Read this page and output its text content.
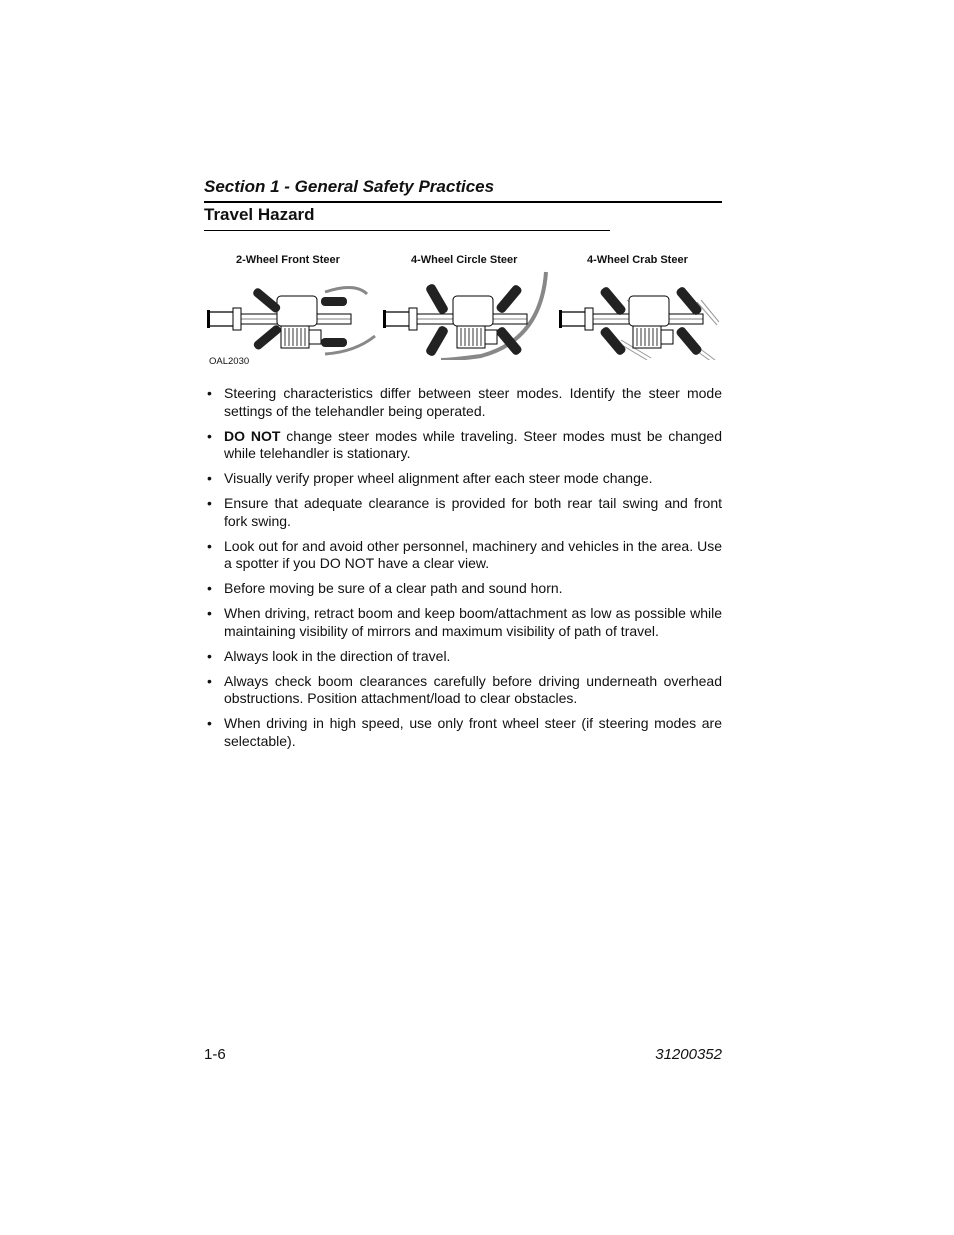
Section 1 - General Safety Practices
Travel Hazard
2-Wheel Front Steer	4-Wheel Circle Steer	4-Wheel Crab Steer
OAL2030
• Steering characteristics differ between steer modes. Identify the steer mode settings of the telehandler being operated.
• DO NOT change steer modes while traveling. Steer modes must be changed while telehandler is stationary.
• Visually verify proper wheel alignment after each steer mode change.
• Ensure that adequate clearance is provided for both rear tail swing and front fork swing.
• Look out for and avoid other personnel, machinery and vehicles in the area. Use a spotter if you DO NOT have a clear view.
• Before moving be sure of a clear path and sound horn.
• When driving, retract boom and keep boom/attachment as low as possible while maintaining visibility of mirrors and maximum visibility of path of travel.
• Always look in the direction of travel.
• Always check boom clearances carefully before driving underneath overhead obstructions. Position attachment/load to clear obstacles.
• When driving in high speed, use only front wheel steer (if steering modes are selectable).
1-6	31200352
